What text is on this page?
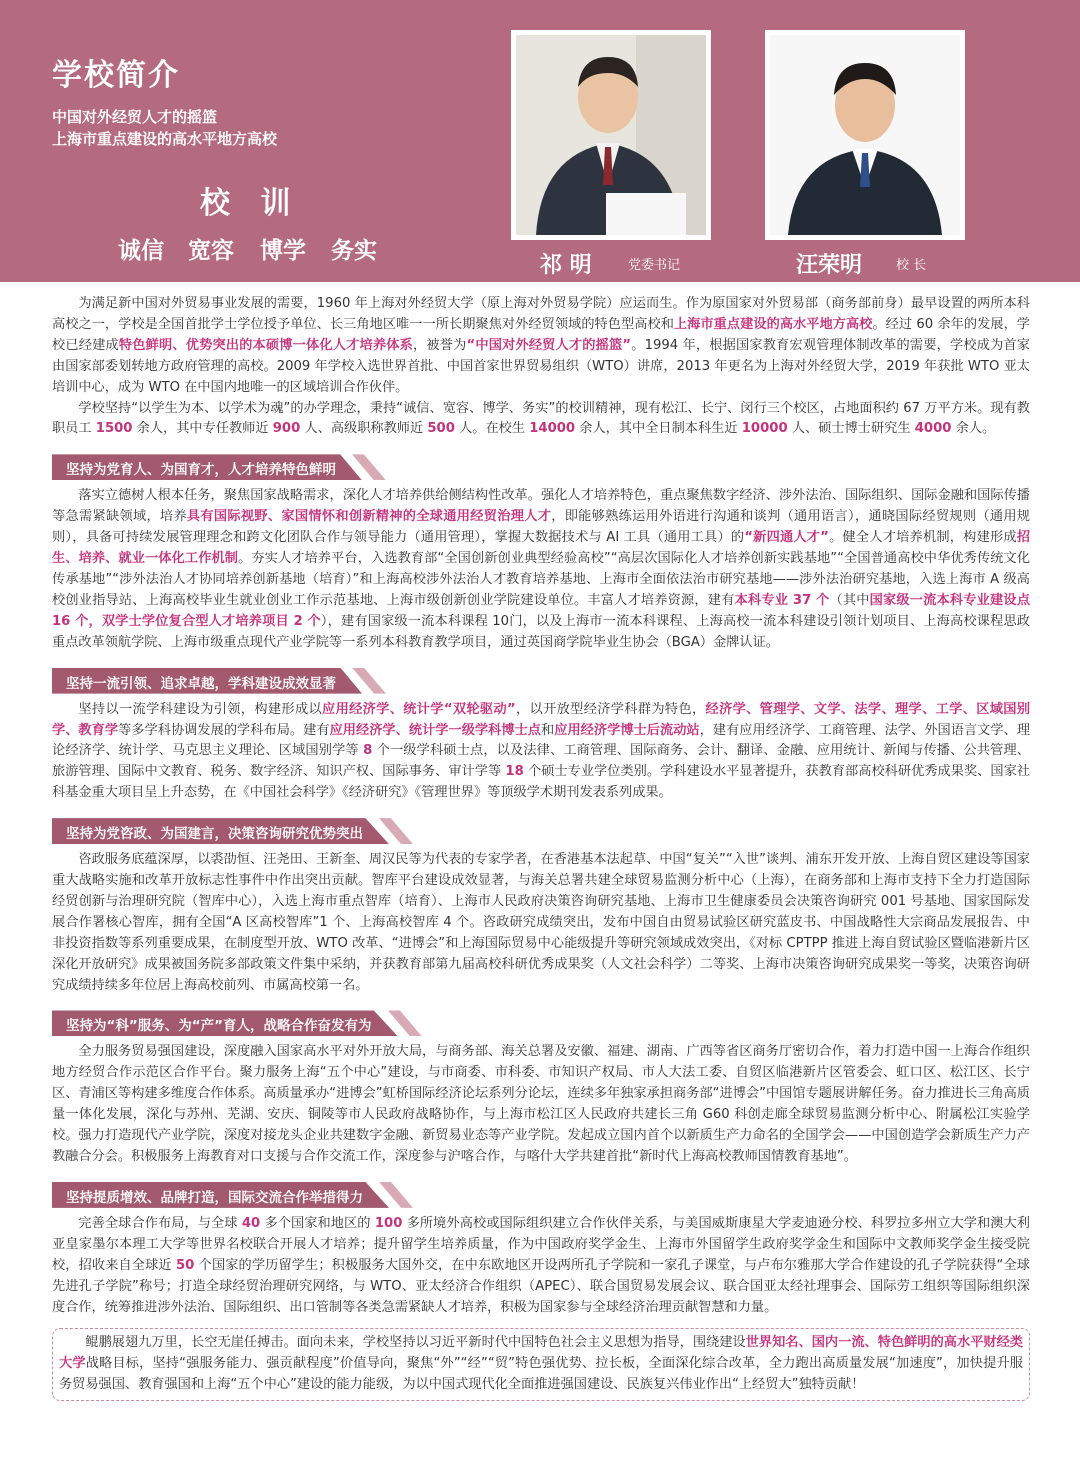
学校简介
中国对外经贸人才的摇篮
上海市重点建设的高水平地方高校
校 训
诚信 宽容 博学 务实
祁 明	党委书记	汪荣明	校 长

为满足新中国对外贸易事业发展的需要，1960 年上海对外经贸大学（原上海对外贸易学院）应运而生。作为原国家对外贸易部（商务部前身）最早设置的两所本科高校之一，学校是全国首批学士学位授予单位、长三角地区唯一一所长期聚焦对外经贸领域的特色型高校和上海市重点建设的高水平地方高校。经过 60 余年的发展，学校已经建成特色鲜明、优势突出的本硕博一体化人才培养体系，被誉为“中国对外经贸人才的摇篮”。1994 年，根据国家教育宏观管理体制改革的需要，学校成为首家由国家部委划转地方政府管理的高校。2009 年学校入选世界首批、中国首家世界贸易组织（WTO）讲席，2013 年更名为上海对外经贸大学，2019 年获批 WTO 亚太培训中心，成为 WTO 在中国内地唯一的区域培训合作伙伴。

学校坚持“以学生为本、以学术为魂”的办学理念，秉持“诚信、宽容、博学、务实”的校训精神，现有松江、长宁、闵行三个校区，占地面积约 67 万平方米。现有教职员工 1500 余人，其中专任教师近 900 人、高级职称教师近 500 人。在校生 14000 余人，其中全日制本科生近 10000 人、硕士博士研究生 4000 余人。

坚持为党育人、为国育才，人才培养特色鲜明

落实立德树人根本任务，聚焦国家战略需求，深化人才培养供给侧结构性改革。强化人才培养特色，重点聚焦数字经济、涉外法治、国际组织、国际金融和国际传播等急需紧缺领域，培养具有国际视野、家国情怀和创新精神的全球通用经贸治理人才，即能够熟练运用外语进行沟通和谈判（通用语言），通晓国际经贸规则（通用规则），具备可持续发展管理理念和跨文化团队合作与领导能力（通用管理），掌握大数据技术与 AI 工具（通用工具）的“新四通人才”。健全人才培养机制，构建形成招生、培养、就业一体化工作机制。夯实人才培养平台，入选教育部“全国创新创业典型经验高校”“高层次国际化人才培养创新实践基地”“全国普通高校中华优秀传统文化传承基地”“涉外法治人才协同培养创新基地（培育）”和上海高校涉外法治人才教育培养基地、上海市全面依法治市研究基地——涉外法治研究基地，入选上海市 A 级高校创业指导站、上海高校毕业生就业创业工作示范基地、上海市级创新创业学院建设单位。丰富人才培养资源，建有本科专业 37 个（其中国家级一流本科专业建设点 16 个，双学士学位复合型人才培养项目 2 个），建有国家级一流本科课程 10门，以及上海市一流本科课程、上海高校一流本科建设引领计划项目、上海高校课程思政重点改革领航学院、上海市级重点现代产业学院等一系列本科教育教学项目，通过英国商学院毕业生协会（BGA）金牌认证。

坚持一流引领、追求卓越，学科建设成效显著

坚持以一流学科建设为引领，构建形成以应用经济学、统计学“双轮驱动”，以开放型经济学科群为特色，经济学、管理学、文学、法学、理学、工学、区域国别学、教育学等多学科协调发展的学科布局。建有应用经济学、统计学一级学科博士点和应用经济学博士后流动站，建有应用经济学、工商管理、法学、外国语言文学、理论经济学、统计学、马克思主义理论、区域国别学等 8 个一级学科硕士点，以及法律、工商管理、国际商务、会计、翻译、金融、应用统计、新闻与传播、公共管理、旅游管理、国际中文教育、税务、数字经济、知识产权、国际事务、审计学等 18 个硕士专业学位类别。学科建设水平显著提升，获教育部高校科研优秀成果奖、国家社科基金重大项目呈上升态势，在《中国社会科学》《经济研究》《管理世界》等顶级学术期刊发表系列成果。

坚持为党咨政、为国建言，决策咨询研究优势突出

咨政服务底蕴深厚，以裘劭恒、汪尧田、王新奎、周汉民等为代表的专家学者，在香港基本法起草、中国“复关”“入世”谈判、浦东开发开放、上海自贸区建设等国家重大战略实施和改革开放标志性事件中作出突出贡献。智库平台建设成效显著，与海关总署共建全球贸易监测分析中心（上海），在商务部和上海市支持下全力打造国际经贸创新与治理研究院（智库中心），入选上海市重点智库（培育）、上海市人民政府决策咨询研究基地、上海市卫生健康委员会决策咨询研究 001 号基地、国家国际发展合作署核心智库，拥有全国“A 区高校智库”1 个、上海高校智库 4 个。咨政研究成绩突出，发布中国自由贸易试验区研究蓝皮书、中国战略性大宗商品发展报告、中非投资指数等系列重要成果，在制度型开放、WTO 改革、“进博会”和上海国际贸易中心能级提升等研究领域成效突出，《对标 CPTPP 推进上海自贸试验区暨临港新片区深化开放研究》成果被国务院多部政策文件集中采纳，并获教育部第九届高校科研优秀成果奖（人文社会科学）二等奖、上海市决策咨询研究成果奖一等奖，决策咨询研究成绩持续多年位居上海高校前列、市属高校第一名。

坚持为“科”服务、为“产”育人，战略合作奋发有为

全力服务贸易强国建设，深度融入国家高水平对外开放大局，与商务部、海关总署及安徽、福建、湖南、广西等省区商务厅密切合作，着力打造中国一上海合作组织地方经贸合作示范区合作平台。聚力服务上海“五个中心”建设，与市商委、市科委、市知识产权局、市人大法工委、自贸区临港新片区管委会、虹口区、松江区、长宁区、青浦区等构建多维度合作体系。高质量承办“进博会”虹桥国际经济论坛系列分论坛，连续多年独家承担商务部“进博会”中国馆专题展讲解任务。奋力推进长三角高质量一体化发展，深化与苏州、芜湖、安庆、铜陵等市人民政府战略协作，与上海市松江区人民政府共建长三角 G60 科创走廊全球贸易监测分析中心、附属松江实验学校。强力打造现代产业学院，深度对接龙头企业共建数字金融、新贸易业态等产业学院。发起成立国内首个以新质生产力命名的全国学会——中国创造学会新质生产力产教融合分会。积极服务上海教育对口支援与合作交流工作，深度参与沪喀合作，与喀什大学共建首批“新时代上海高校教师国情教育基地”。

坚持提质增效、品牌打造，国际交流合作举措得力

完善全球合作布局，与全球 40 多个国家和地区的 100 多所境外高校或国际组织建立合作伙伴关系，与美国威斯康星大学麦迪逊分校、科罗拉多州立大学和澳大利亚皇家墨尔本理工大学等世界名校联合开展人才培养；提升留学生培养质量，作为中国政府奖学金生、上海市外国留学生政府奖学金生和国际中文教师奖学金生接受院校，招收来自全球近 50 个国家的学历留学生；积极服务大国外交，在中东欧地区开设两所孔子学院和一家孔子课堂，与卢布尔雅那大学合作建设的孔子学院获得“全球先进孔子学院”称号；打造全球经贸治理研究网络，与 WTO、亚太经济合作组织（APEC）、联合国贸易发展会议、联合国亚太经社理事会、国际劳工组织等国际组织深度合作，统筹推进涉外法治、国际组织、出口管制等各类急需紧缺人才培养，积极为国家参与全球经济治理贡献智慧和力量。

鲲鹏展翅九万里，长空无崖任搏击。面向未来，学校坚持以习近平新时代中国特色社会主义思想为指导，围绕建设世界知名、国内一流、特色鲜明的高水平财经类大学战略目标，坚持“强服务能力、强贡献程度”价值导向，聚焦“外”“经”“贸”特色强优势、拉长板，全面深化综合改革，全力跑出高质量发展“加速度”，加快提升服务贸易强国、教育强国和上海“五个中心”建设的能力能级，为以中国式现代化全面推进强国建设、民族复兴伟业作出“上经贸大”独特贡献！
